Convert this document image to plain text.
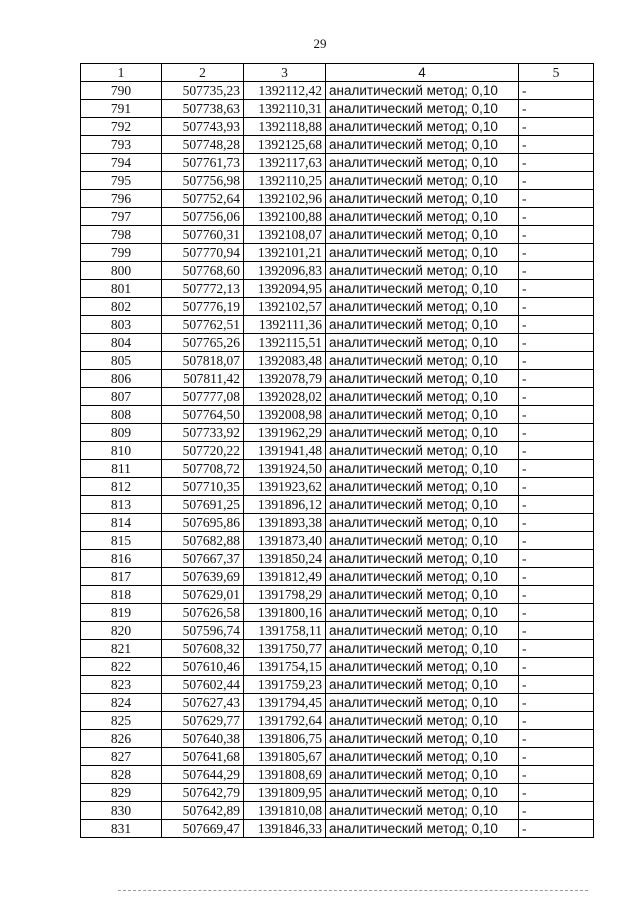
29
1	2	3	4	5
790	507735,23	1392112,42	аналитический метод; 0,10	-
791	507738,63	1392110,31	аналитический метод; 0,10	-
792	507743,93	1392118,88	аналитический метод; 0,10	-
793	507748,28	1392125,68	аналитический метод; 0,10	-
794	507761,73	1392117,63	аналитический метод; 0,10	-
795	507756,98	1392110,25	аналитический метод; 0,10	-
796	507752,64	1392102,96	аналитический метод; 0,10	-
797	507756,06	1392100,88	аналитический метод; 0,10	-
798	507760,31	1392108,07	аналитический метод; 0,10	-
799	507770,94	1392101,21	аналитический метод; 0,10	-
800	507768,60	1392096,83	аналитический метод; 0,10	-
801	507772,13	1392094,95	аналитический метод; 0,10	-
802	507776,19	1392102,57	аналитический метод; 0,10	-
803	507762,51	1392111,36	аналитический метод; 0,10	-
804	507765,26	1392115,51	аналитический метод; 0,10	-
805	507818,07	1392083,48	аналитический метод; 0,10	-
806	507811,42	1392078,79	аналитический метод; 0,10	-
807	507777,08	1392028,02	аналитический метод; 0,10	-
808	507764,50	1392008,98	аналитический метод; 0,10	-
809	507733,92	1391962,29	аналитический метод; 0,10	-
810	507720,22	1391941,48	аналитический метод; 0,10	-
811	507708,72	1391924,50	аналитический метод; 0,10	-
812	507710,35	1391923,62	аналитический метод; 0,10	-
813	507691,25	1391896,12	аналитический метод; 0,10	-
814	507695,86	1391893,38	аналитический метод; 0,10	-
815	507682,88	1391873,40	аналитический метод; 0,10	-
816	507667,37	1391850,24	аналитический метод; 0,10	-
817	507639,69	1391812,49	аналитический метод; 0,10	-
818	507629,01	1391798,29	аналитический метод; 0,10	-
819	507626,58	1391800,16	аналитический метод; 0,10	-
820	507596,74	1391758,11	аналитический метод; 0,10	-
821	507608,32	1391750,77	аналитический метод; 0,10	-
822	507610,46	1391754,15	аналитический метод; 0,10	-
823	507602,44	1391759,23	аналитический метод; 0,10	-
824	507627,43	1391794,45	аналитический метод; 0,10	-
825	507629,77	1391792,64	аналитический метод; 0,10	-
826	507640,38	1391806,75	аналитический метод; 0,10	-
827	507641,68	1391805,67	аналитический метод; 0,10	-
828	507644,29	1391808,69	аналитический метод; 0,10	-
829	507642,79	1391809,95	аналитический метод; 0,10	-
830	507642,89	1391810,08	аналитический метод; 0,10	-
831	507669,47	1391846,33	аналитический метод; 0,10	-
